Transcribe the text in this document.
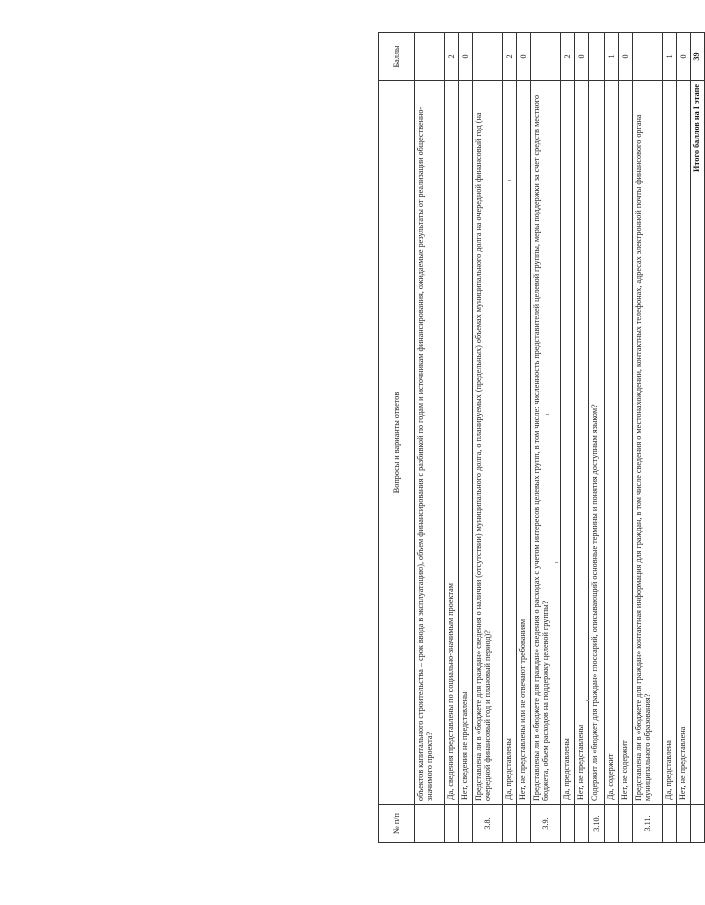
№ п/п	Вопросы и варианты ответов	Баллы
	объектов капитального строительства – срок ввода в эксплуатацию), объем финансирования с разбивкой по годам и источникам финансирования, ожидаемые результаты от реализации общественно-значимого проекта?	
	Да, сведения представлены по социально-значимым проектам	2
	Нет, сведения не представлены	0
3.8.	Представлена ли в «бюджете для граждан» сведения о наличии (отсутствии) муниципального долга, о планируемых (предельных) объемах муниципального долга на очередной финансовый год (на очередной финансовый год и плановый период)?	
	Да, представлены	2
	Нет, не представлены или не отвечают требованиям	0
3.9.	Представлены ли в «бюджете для граждан» сведения о расходах с учетом интересов целевых групп, в том числе: численность представителей целевой группы, меры поддержки за счет средств местного бюджета, объем расходов на поддержку целевой группы?	
	Да, представлены	2
	Нет, не представлены	0
3.10.	Содержит ли «бюджет для граждан» глоссарий, описывающий основные термины и понятия доступным языком?	
	Да, содержит	1
	Нет, не содержит	0
3.11.	Представлена ли в «бюджете для граждан» контактная информация для граждан, в том числе сведения о местонахождении, контактных телефонах, адресах электронной почты финансового органа муниципального образования?	
	Да, представлена	1
	Нет, не представлена	0
	Итого баллов на I этапе	39
